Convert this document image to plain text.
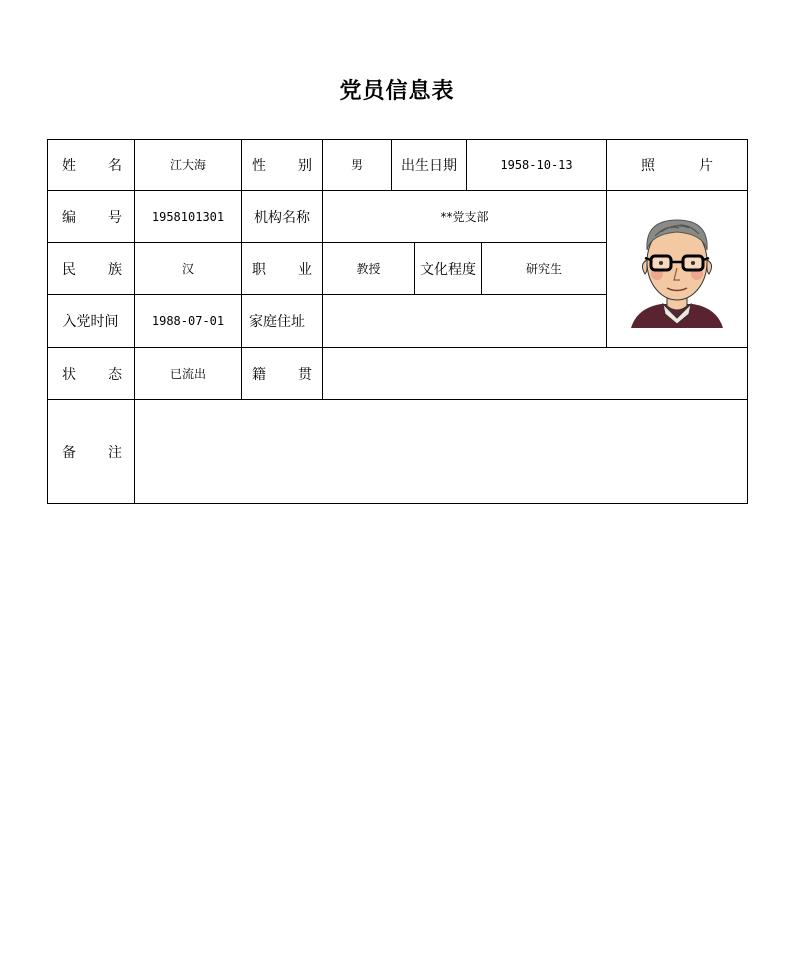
党员信息表
姓 名	江大海	性 别	男	出生日期	1958-10-13	照	片
编 号	1958101301	机构名称	**党支部
民 族	汉	职 业	教授	文化程度	研究生
入党时间	1988-07-01	家庭住址
状 态	已流出	籍 贯
备 注
